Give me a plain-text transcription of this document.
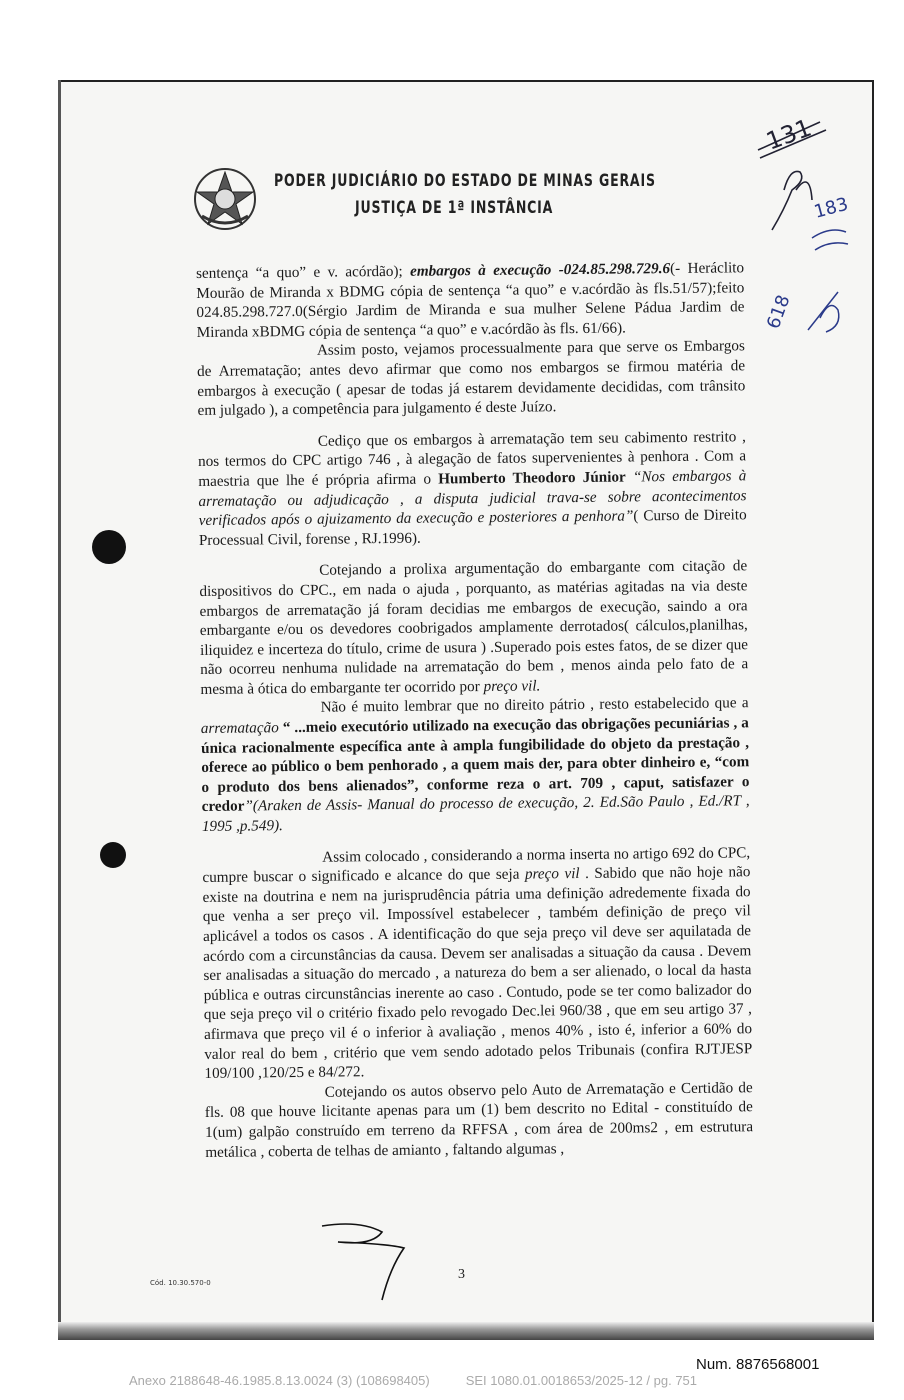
PODER JUDICIÁRIO DO ESTADO DE MINAS GERAIS
JUSTIÇA DE 1ª INSTÂNCIA
131
183
618

sentença “a quo” e v. acórdão); embargos à execução -024.85.298.729.6(- Heráclito Mourão de Miranda x BDMG cópia de sentença “a quo” e v.acórdão às fls.51/57);feito 024.85.298.727.0(Sérgio Jardim de Miranda e sua mulher Selene Pádua Jardim de Miranda xBDMG cópia de sentença “a quo” e v.acórdão às fls. 61/66).

Assim posto, vejamos processualmente para que serve os Embargos de Arrematação; antes devo afirmar que como nos embargos se firmou matéria de embargos à execução ( apesar de todas já estarem devidamente decididas, com trânsito em julgado ), a competência para julgamento é deste Juízo.

Cediço que os embargos à arrematação tem seu cabimento restrito , nos termos do CPC artigo 746 , à alegação de fatos supervenientes à penhora . Com a maestria que lhe é própria afirma o Humberto Theodoro Júnior “Nos embargos à arrematação ou adjudicação , a disputa judicial trava-se sobre acontecimentos verificados após o ajuizamento da execução e posteriores a penhora”( Curso de Direito Processual Civil, forense , RJ.1996).

Cotejando a prolixa argumentação do embargante com citação de dispositivos do CPC., em nada o ajuda , porquanto, as matérias agitadas na via deste embargos de arrematação já foram decidias me embargos de execução, saindo a ora embargante e/ou os devedores coobrigados amplamente derrotados( cálculos,planilhas, iliquidez e incerteza do título, crime de usura ) .Superado pois estes fatos, de se dizer que não ocorreu nenhuma nulidade na arrematação do bem , menos ainda pelo fato de a mesma à ótica do embargante ter ocorrido por preço vil.

Não é muito lembrar que no direito pátrio , resto estabelecido que a arrematação “ ...meio executório utilizado na execução das obrigações pecuniárias , a única racionalmente específica ante à ampla fungibilidade do objeto da prestação , oferece ao público o bem penhorado , a quem mais der, para obter dinheiro e, “com o produto dos bens alienados”, conforme reza o art. 709 , caput, satisfazer o credor”(Araken de Assis- Manual do processo de execução, 2. Ed.São Paulo , Ed./RT , 1995 ,p.549).

Assim colocado , considerando a norma inserta no artigo 692 do CPC, cumpre buscar o significado e alcance do que seja preço vil . Sabido que não hoje não existe na doutrina e nem na jurisprudência pátria uma definição adredemente fixada do que venha a ser preço vil. Impossível estabelecer , também definição de preço vil aplicável a todos os casos . A identificação do que seja preço vil deve ser aquilatada de acórdo com a circunstâncias da causa. Devem ser analisadas a situação da causa . Devem ser analisadas a situação do mercado , a natureza do bem a ser alienado, o local da hasta pública e outras circunstâncias inerente ao caso . Contudo, pode se ter como balizador do que seja preço vil o critério fixado pelo revogado Dec.lei 960/38 , que em seu artigo 37 , afirmava que preço vil é o inferior à avaliação , menos 40% , isto é, inferior a 60% do valor real do bem , critério que vem sendo adotado pelos Tribunais (confira RJTJESP 109/100 ,120/25 e 84/272.

Cotejando os autos observo pelo Auto de Arrematação e Certidão de fls. 08 que houve licitante apenas para um (1) bem descrito no Edital - constituído de 1(um) galpão construído em terreno da RFFSA , com área de 200ms2 , em estrutura metálica , coberta de telhas de amianto , faltando algumas ,

3
Cód. 10.30.570-0
Num. 8876568001
Anexo 2188648-46.1985.8.13.0024 (3) (108698405)	SEI 1080.01.0018653/2025-12 / pg. 751
